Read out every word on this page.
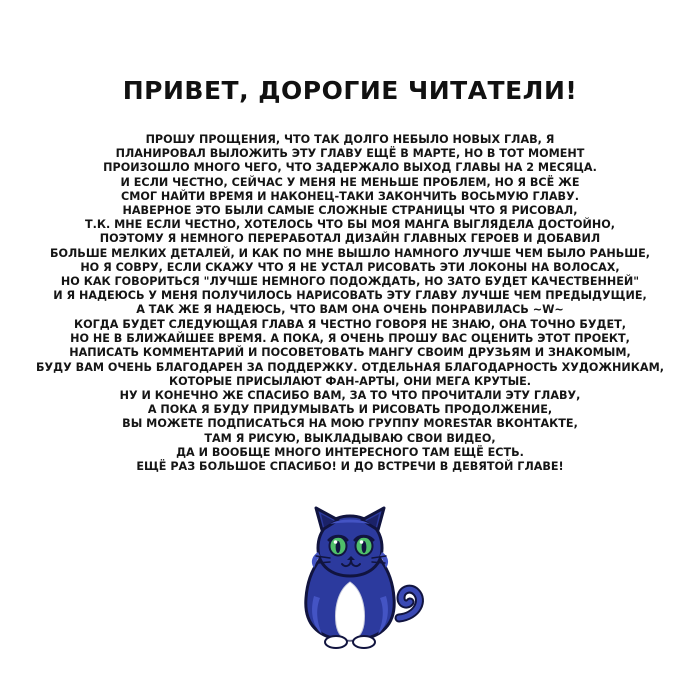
ПРИВЕТ, ДОРОГИЕ ЧИТАТЕЛИ!
ПРОШУ ПРОЩЕНИЯ, ЧТО ТАК ДОЛГО НЕБЫЛО НОВЫХ ГЛАВ, Я
ПЛАНИРОВАЛ ВЫЛОЖИТЬ ЭТУ ГЛАВУ ЕЩЁ В МАРТЕ, НО В ТОТ МОМЕНТ
ПРОИЗОШЛО МНОГО ЧЕГО, ЧТО ЗАДЕРЖАЛО ВЫХОД ГЛАВЫ НА 2 МЕСЯЦА.
И ЕСЛИ ЧЕСТНО, СЕЙЧАС У МЕНЯ НЕ МЕНЬШЕ ПРОБЛЕМ, НО Я ВСЁ ЖЕ
СМОГ НАЙТИ ВРЕМЯ И НАКОНЕЦ-ТАКИ ЗАКОНЧИТЬ ВОСЬМУЮ ГЛАВУ.
НАВЕРНОЕ ЭТО БЫЛИ САМЫЕ СЛОЖНЫЕ СТРАНИЦЫ ЧТО Я РИСОВАЛ,
Т.К. МНЕ ЕСЛИ ЧЕСТНО, ХОТЕЛОСЬ ЧТО БЫ МОЯ МАНГА ВЫГЛЯДЕЛА ДОСТОЙНО,
ПОЭТОМУ Я НЕМНОГО ПЕРЕРАБОТАЛ ДИЗАЙН ГЛАВНЫХ ГЕРОЕВ И ДОБАВИЛ
БОЛЬШЕ МЕЛКИХ ДЕТАЛЕЙ, И КАК ПО МНЕ ВЫШЛО НАМНОГО ЛУЧШЕ ЧЕМ БЫЛО РАНЬШЕ,
НО Я СОВРУ, ЕСЛИ СКАЖУ ЧТО Я НЕ УСТАЛ РИСОВАТЬ ЭТИ ЛОКОНЫ НА ВОЛОСАХ,
НО КАК ГОВОРИТЬСЯ "ЛУЧШЕ НЕМНОГО ПОДОЖДАТЬ, НО ЗАТО БУДЕТ КАЧЕСТВЕННЕЙ"
И Я НАДЕЮСЬ У МЕНЯ ПОЛУЧИЛОСЬ НАРИСОВАТЬ ЭТУ ГЛАВУ ЛУЧШЕ ЧЕМ ПРЕДЫДУЩИЕ,
А ТАК ЖЕ Я НАДЕЮСЬ, ЧТО ВАМ ОНА ОЧЕНЬ ПОНРАВИЛАСЬ ~W~
КОГДА БУДЕТ СЛЕДУЮЩАЯ ГЛАВА Я ЧЕСТНО ГОВОРЯ НЕ ЗНАЮ, ОНА ТОЧНО БУДЕТ,
НО НЕ В БЛИЖАЙШЕЕ ВРЕМЯ. А ПОКА, Я ОЧЕНЬ ПРОШУ ВАС ОЦЕНИТЬ ЭТОТ ПРОЕКТ,
НАПИСАТЬ КОММЕНТАРИЙ И ПОСОВЕТОВАТЬ МАНГУ СВОИМ ДРУЗЬЯМ И ЗНАКОМЫМ,
БУДУ ВАМ ОЧЕНЬ БЛАГОДАРЕН ЗА ПОДДЕРЖКУ. ОТДЕЛЬНАЯ БЛАГОДАРНОСТЬ ХУДОЖНИКАМ,
КОТОРЫЕ ПРИСЫЛАЮТ ФАН-АРТЫ, ОНИ МЕГА КРУТЫЕ.
НУ И КОНЕЧНО ЖЕ СПАСИБО ВАМ, ЗА ТО ЧТО ПРОЧИТАЛИ ЭТУ ГЛАВУ,
А ПОКА Я БУДУ ПРИДУМЫВАТЬ И РИСОВАТЬ ПРОДОЛЖЕНИЕ,
ВЫ МОЖЕТЕ ПОДПИСАТЬСЯ НА МОЮ ГРУППУ MORESTAR ВКОНТАКТЕ,
ТАМ Я РИСУЮ, ВЫКЛАДЫВАЮ СВОИ ВИДЕО,
ДА И ВООБЩЕ МНОГО ИНТЕРЕСНОГО ТАМ ЕЩЁ ЕСТЬ.
ЕЩЁ РАЗ БОЛЬШОЕ СПАСИБО! И ДО ВСТРЕЧИ В ДЕВЯТОЙ ГЛАВЕ!
